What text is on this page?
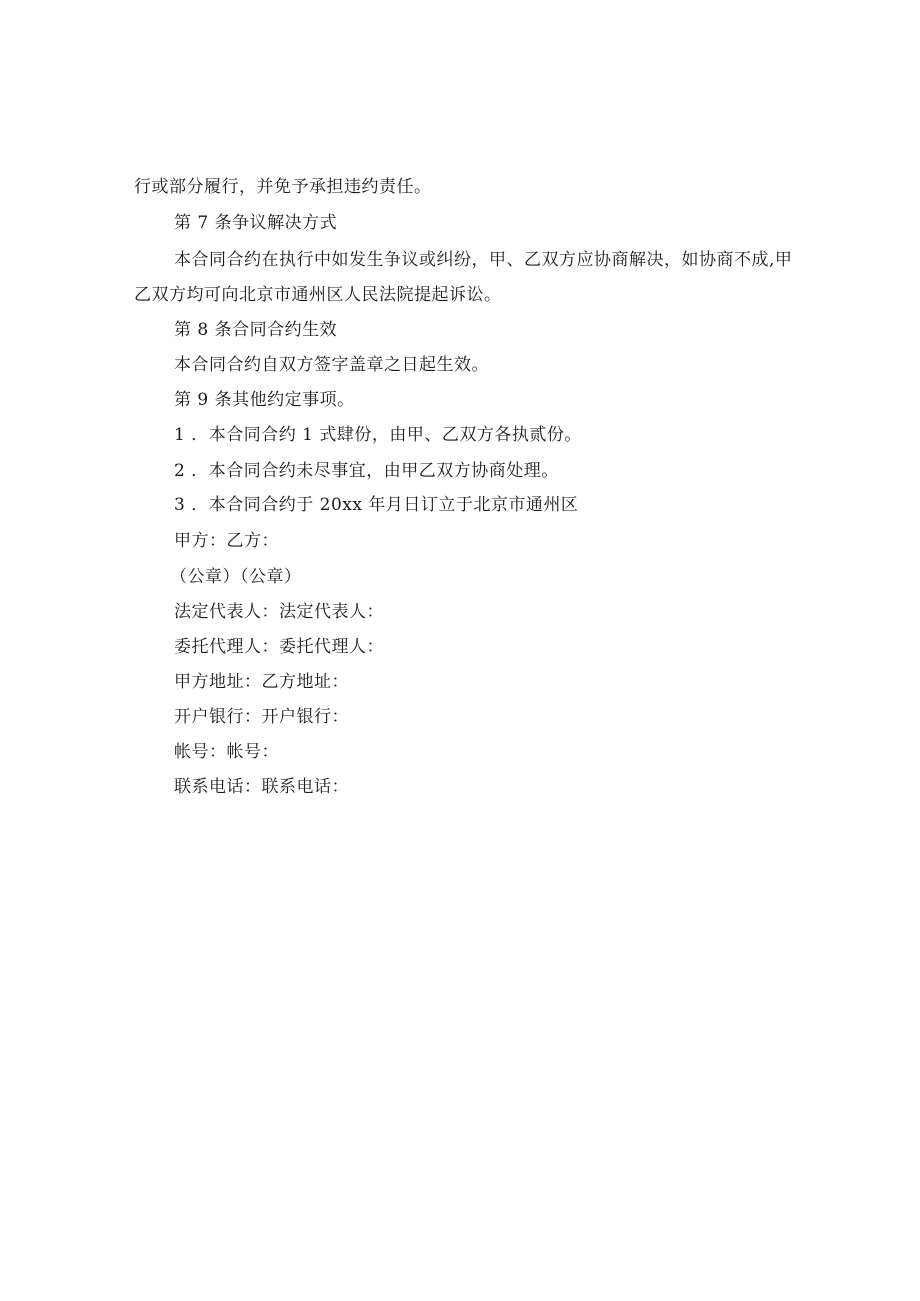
行或部分履行，并免予承担违约责任。
第 7 条争议解决方式
本合同合约在执行中如发生争议或纠纷，甲、乙双方应协商解决，如协商不成,甲
乙双方均可向北京市通州区人民法院提起诉讼。
第 8 条合同合约生效
本合同合约自双方签字盖章之日起生效。
第 9 条其他约定事项。
1 ．本合同合约 1 式肆份，由甲、乙双方各执贰份。
2 ．本合同合约未尽事宜，由甲乙双方协商处理。
3 ．本合同合约于 20xx 年月日订立于北京市通州区
甲方：乙方：
（公章）（公章）
法定代表人：法定代表人：
委托代理人：委托代理人：
甲方地址：乙方地址：
开户银行：开户银行：
帐号：帐号：
联系电话：联系电话：
